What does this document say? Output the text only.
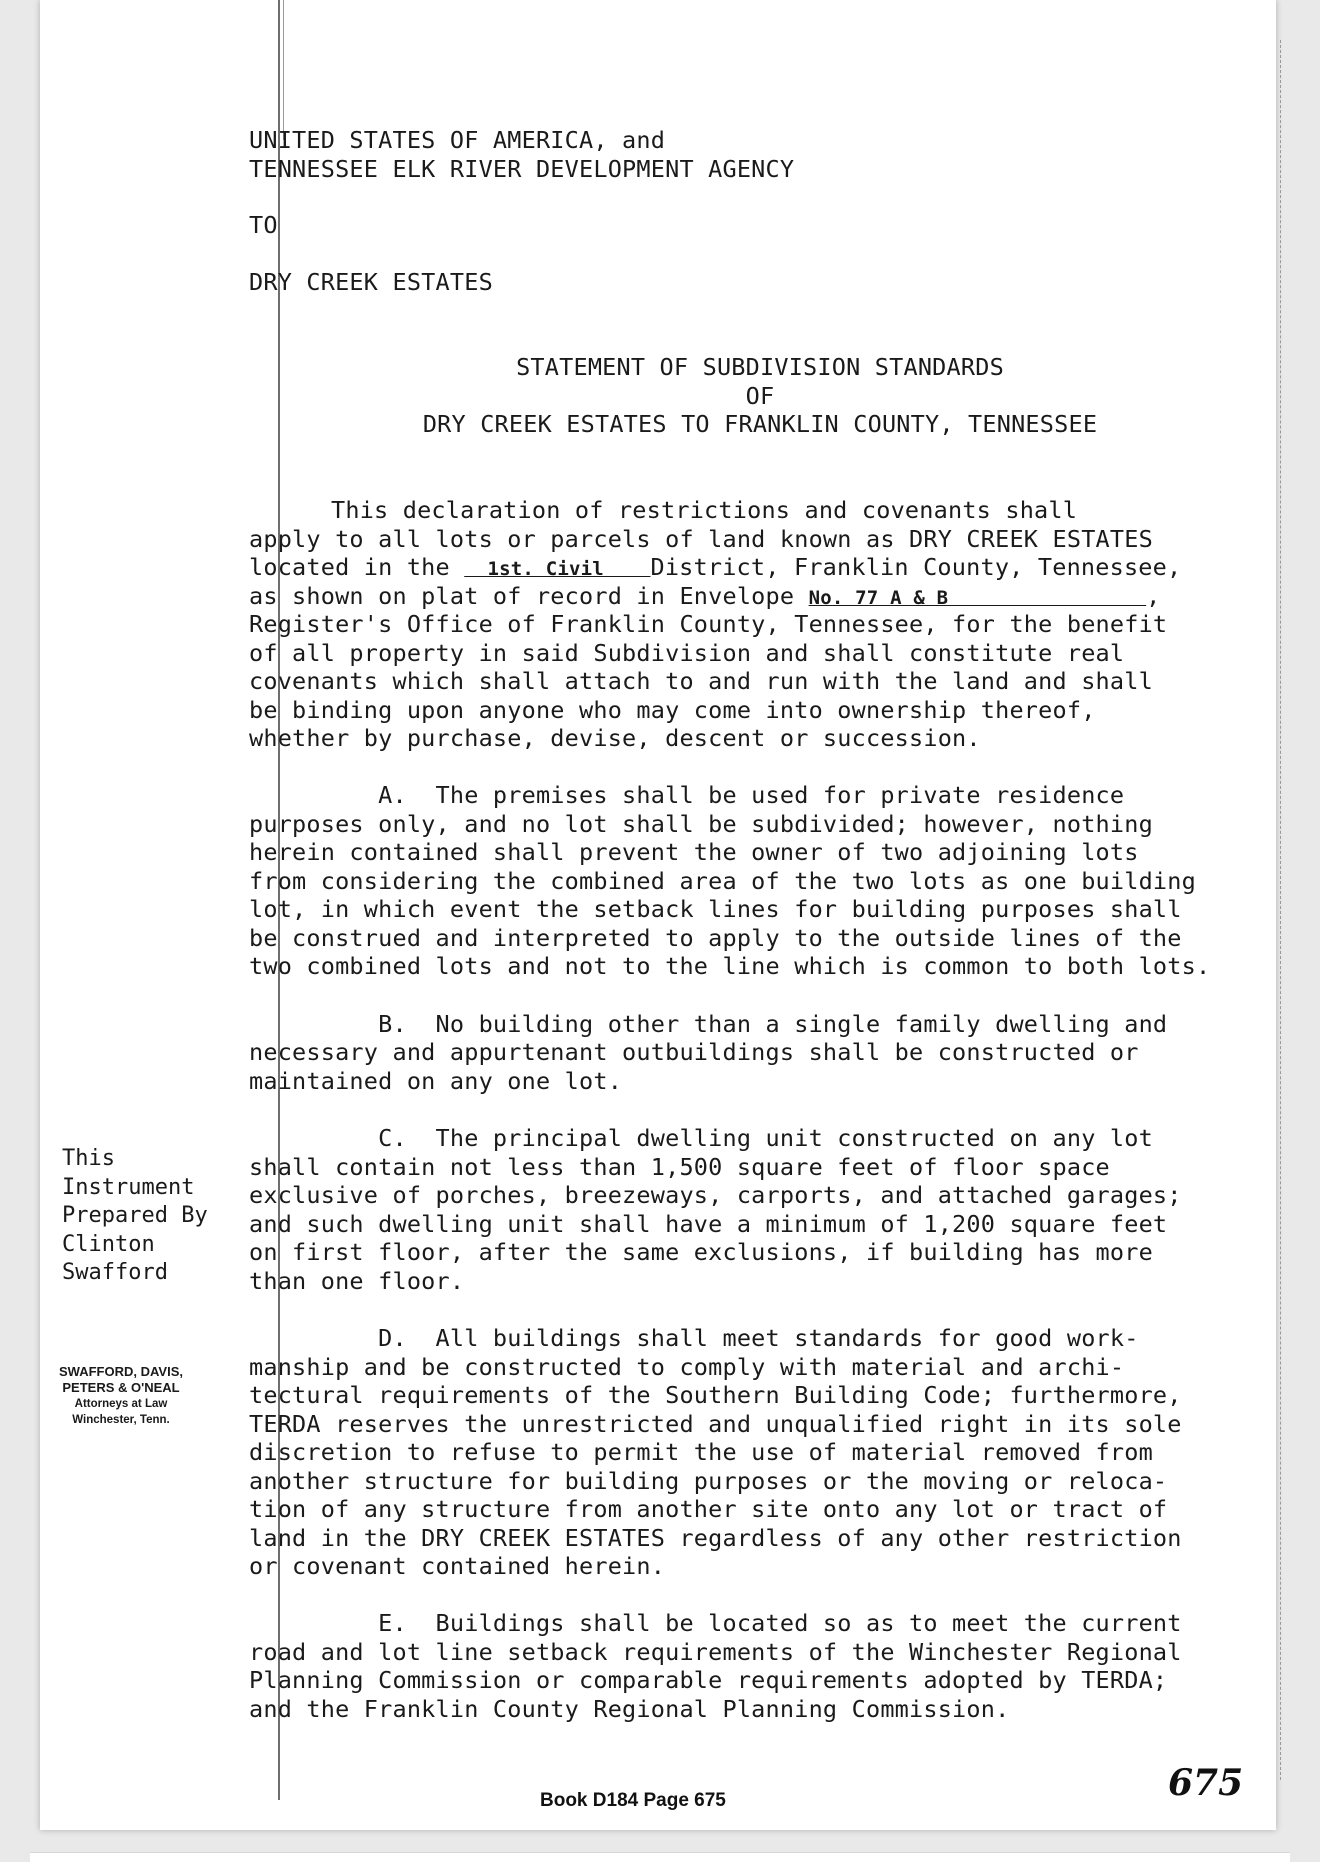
UNITED STATES OF AMERICA, and
TENNESSEE ELK RIVER DEVELOPMENT AGENCY
TO
DRY CREEK ESTATES
STATEMENT OF SUBDIVISION STANDARDS
OF
DRY CREEK ESTATES TO FRANKLIN COUNTY, TENNESSEE
This declaration of restrictions and covenants shall
apply to all lots or parcels of land known as DRY CREEK ESTATES
located in the   1st. Civil    District, Franklin County, Tennessee,
as shown on plat of record in Envelope No. 77 A & B                 ,
Register's Office of Franklin County, Tennessee, for the benefit
of all property in said Subdivision and shall constitute real
covenants which shall attach to and run with the land and shall
be binding upon anyone who may come into ownership thereof,
whether by purchase, devise, descent or succession.
A.  The premises shall be used for private residence
purposes only, and no lot shall be subdivided; however, nothing
herein contained shall prevent the owner of two adjoining lots
from considering the combined area of the two lots as one building
lot, in which event the setback lines for building purposes shall
be construed and interpreted to apply to the outside lines of the
two combined lots and not to the line which is common to both lots.
B.  No building other than a single family dwelling and
necessary and appurtenant outbuildings shall be constructed or
maintained on any one lot.
C.  The principal dwelling unit constructed on any lot
shall contain not less than 1,500 square feet of floor space
exclusive of porches, breezeways, carports, and attached garages;
and such dwelling unit shall have a minimum of 1,200 square feet
on first floor, after the same exclusions, if building has more
than one floor.
D.  All buildings shall meet standards for good work-
manship and be constructed to comply with material and archi-
tectural requirements of the Southern Building Code; furthermore,
TERDA reserves the unrestricted and unqualified right in its sole
discretion to refuse to permit the use of material removed from
another structure for building purposes or the moving or reloca-
tion of any structure from another site onto any lot or tract of
land in the DRY CREEK ESTATES regardless of any other restriction
or covenant contained herein.
E.  Buildings shall be located so as to meet the current
road and lot line setback requirements of the Winchester Regional
Planning Commission or comparable requirements adopted by TERDA;
and the Franklin County Regional Planning Commission.
This
Instrument
Prepared By
Clinton
Swafford
SWAFFORD, DAVIS,
PETERS & O'NEAL
Attorneys at Law
Winchester, Tenn.
Book D184 Page 675	675
